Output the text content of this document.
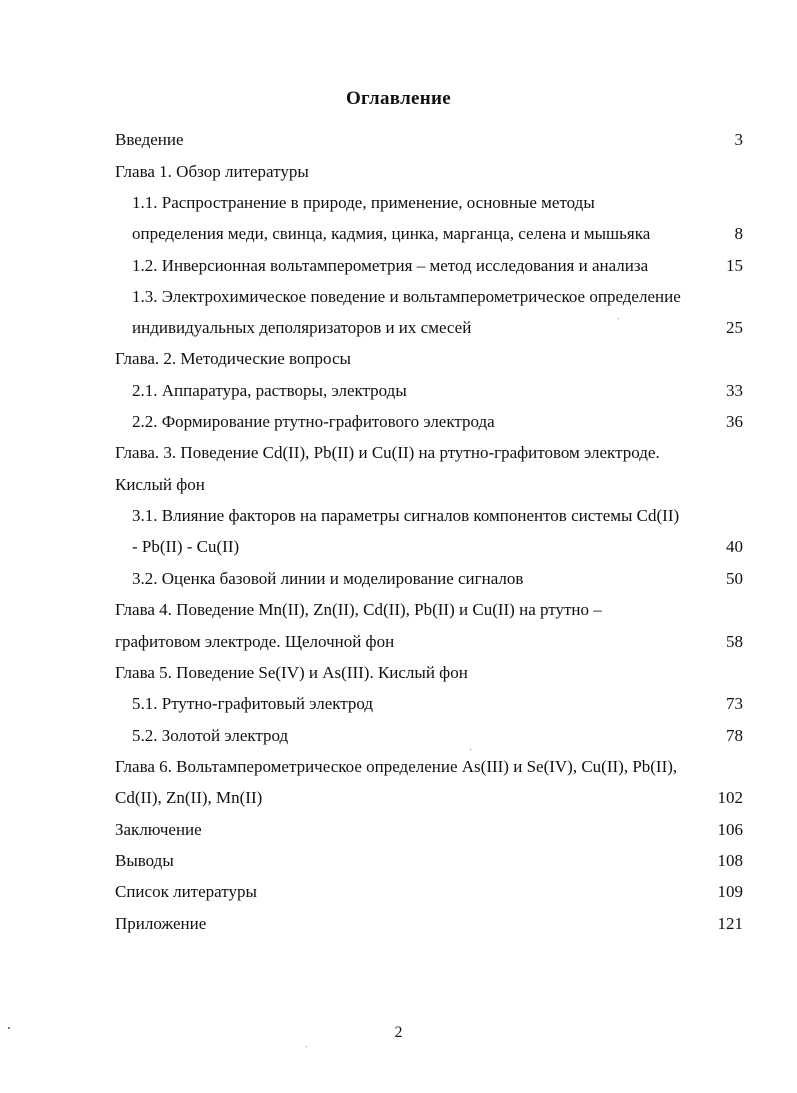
Оглавление
Введение	3
Глава 1. Обзор литературы
1.1. Распространение в природе, применение, основные методы
определения меди, свинца, кадмия, цинка, марганца, селена и мышьяка	8
1.2. Инверсионная вольтамперометрия – метод исследования и анализа	15
1.3. Электрохимическое поведение и вольтамперометрическое определение
индивидуальных деполяризаторов и их смесей	25
Глава. 2. Методические вопросы
2.1. Аппаратура, растворы, электроды	33
2.2. Формирование ртутно-графитового электрода	36
Глава. 3. Поведение Cd(II), Pb(II) и Cu(II) на ртутно-графитовом электроде.
Кислый фон
3.1. Влияние факторов на параметры сигналов компонентов системы Cd(II)
- Pb(II) - Cu(II)	40
3.2. Оценка базовой линии и моделирование сигналов	50
Глава 4. Поведение Mn(II), Zn(II), Cd(II), Pb(II) и Cu(II) на ртутно –
графитовом электроде. Щелочной фон	58
Глава 5. Поведение Se(IV) и As(III). Кислый фон
5.1. Ртутно-графитовый электрод	73
5.2. Золотой электрод	78
Глава 6. Вольтамперометрическое определение As(III) и Se(IV), Cu(II), Pb(II),
Cd(II), Zn(II), Mn(II)	102
Заключение	106
Выводы	108
Список литературы	109
Приложение	121
2
